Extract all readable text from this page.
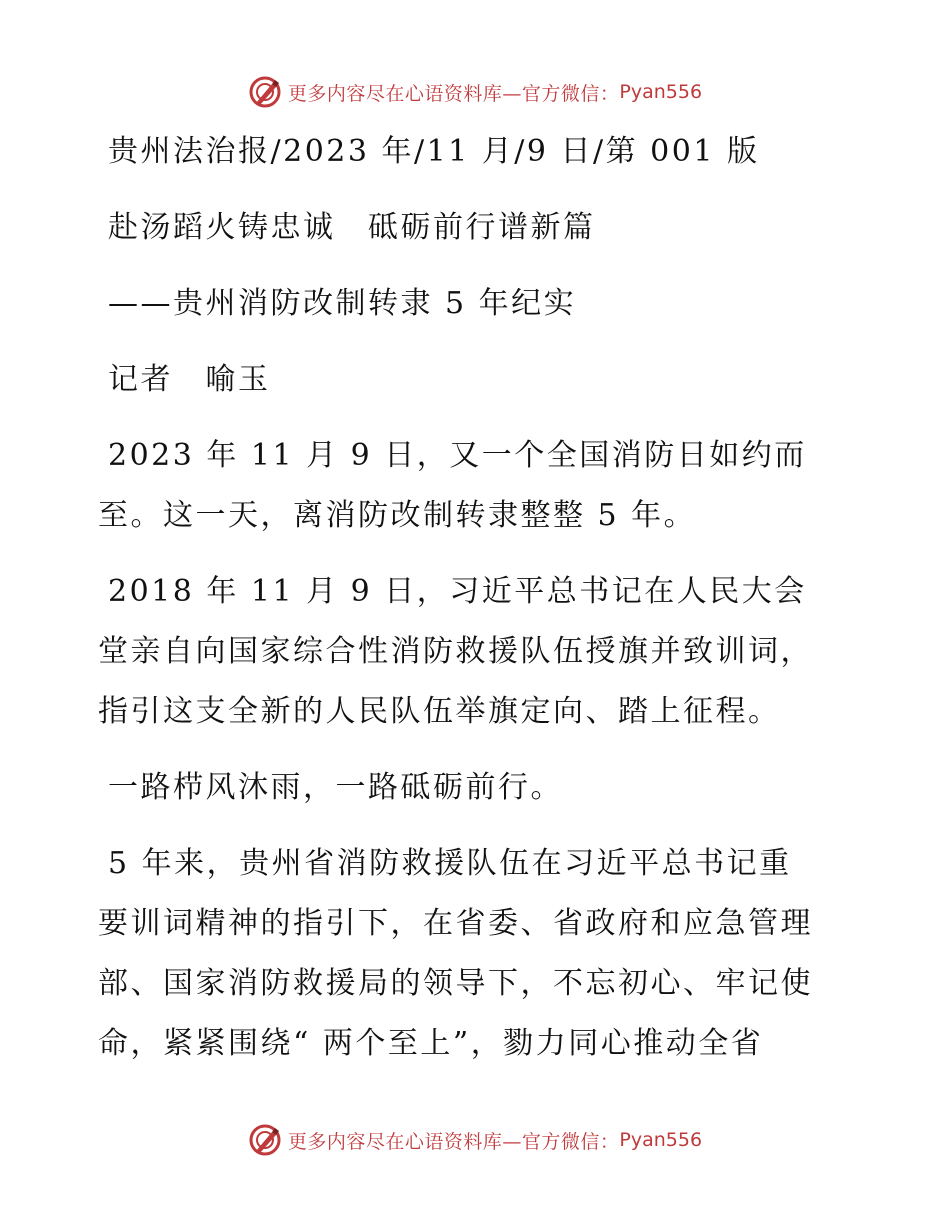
更多内容尽在心语资料库—官方微信： Pyan556

贵州法治报/2023 年/11 月/9 日/第 001 版

赴汤蹈火铸忠诚　砥砺前行谱新篇

——贵州消防改制转隶 5 年纪实

记者　喻玉

2023 年 11 月 9 日，又一个全国消防日如约而

至。这一天，离消防改制转隶整整 5 年。

2018 年 11 月 9 日，习近平总书记在人民大会

堂亲自向国家综合性消防救援队伍授旗并致训词，

指引这支全新的人民队伍举旗定向、踏上征程。

一路栉风沐雨，一路砥砺前行。

5 年来，贵州省消防救援队伍在习近平总书记重

要训词精神的指引下，在省委、省政府和应急管理

部、国家消防救援局的领导下，不忘初心、牢记使

命，紧紧围绕“ 两个至上”，勠力同心推动全省

更多内容尽在心语资料库—官方微信： Pyan556
